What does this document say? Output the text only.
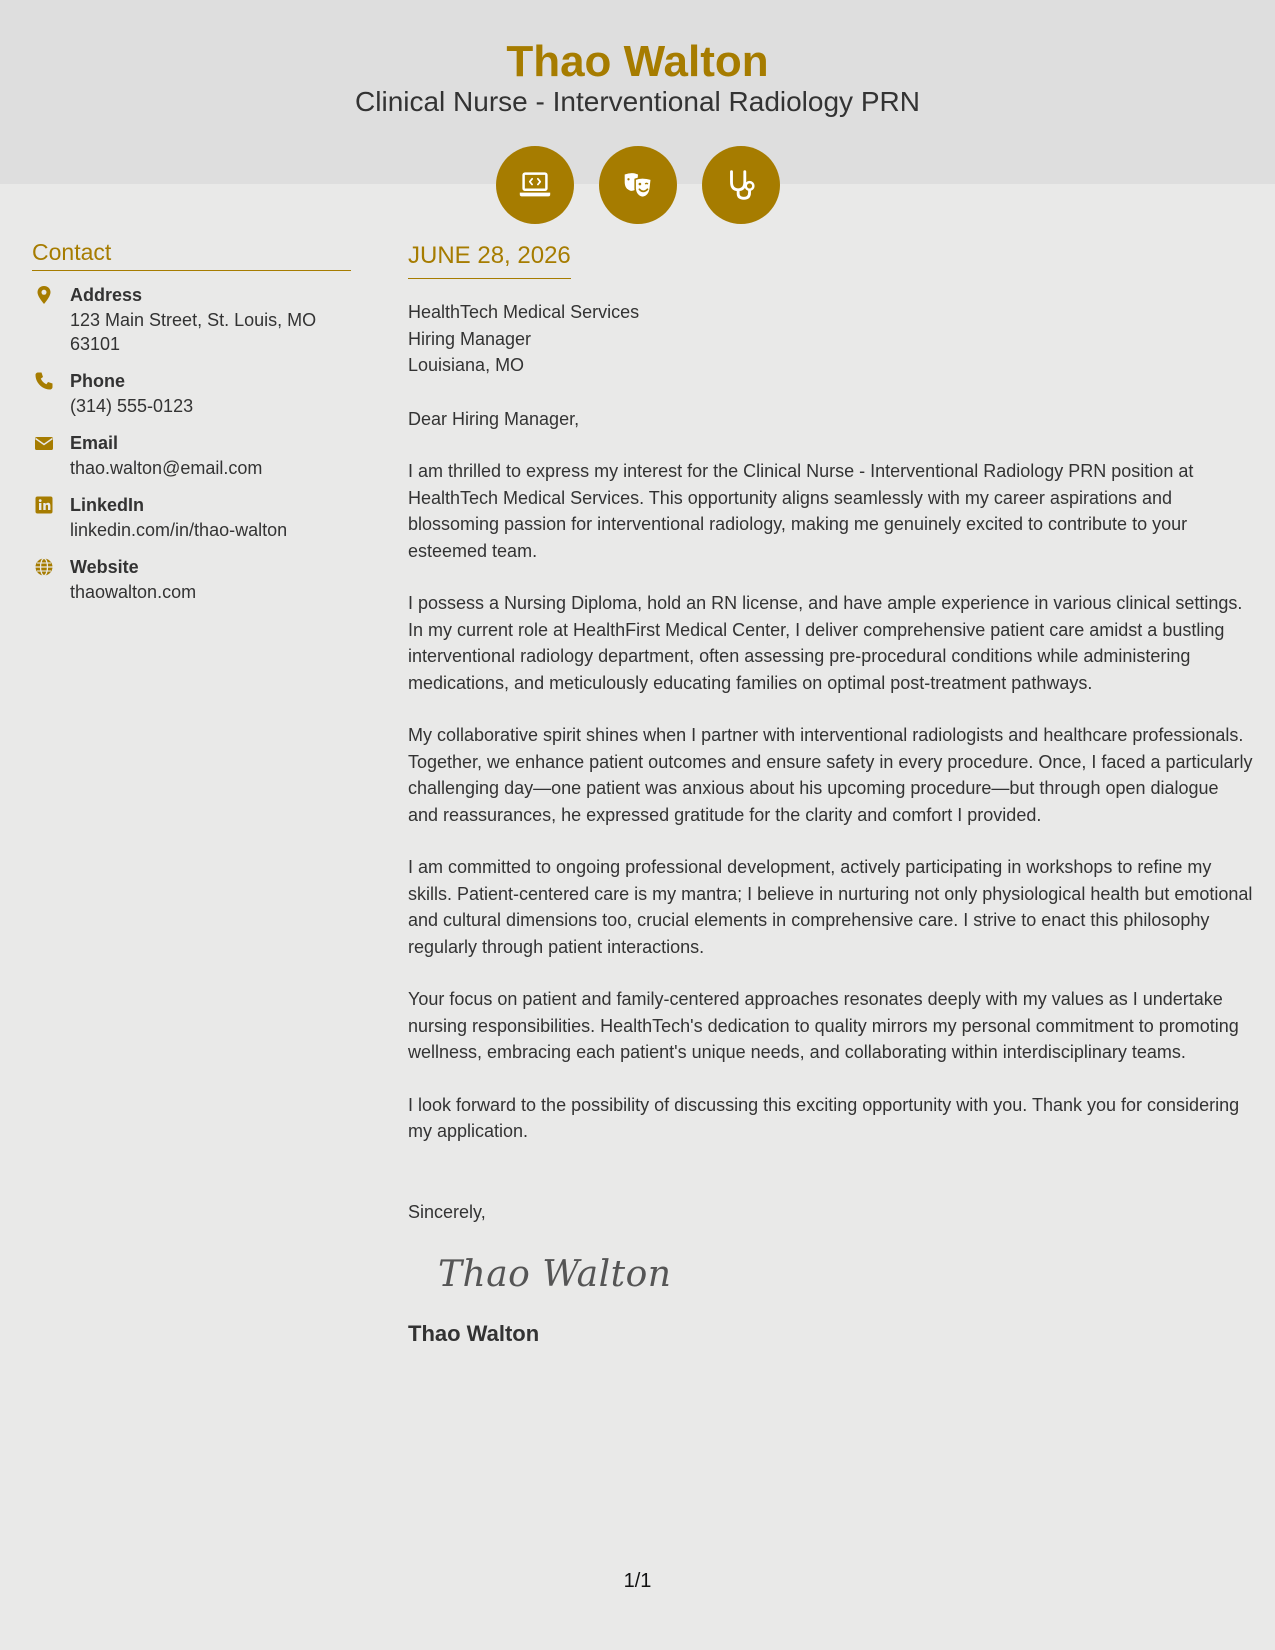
Thao Walton
Clinical Nurse - Interventional Radiology PRN
Contact
Address
123 Main Street, St. Louis, MO 63101
Phone
(314) 555-0123
Email
thao.walton@email.com
LinkedIn
linkedin.com/in/thao-walton
Website
thaowalton.com
JUNE 28, 2026
HealthTech Medical Services
Hiring Manager
Louisiana, MO
Dear Hiring Manager,
I am thrilled to express my interest for the Clinical Nurse - Interventional Radiology PRN position at HealthTech Medical Services. This opportunity aligns seamlessly with my career aspirations and blossoming passion for interventional radiology, making me genuinely excited to contribute to your esteemed team.
I possess a Nursing Diploma, hold an RN license, and have ample experience in various clinical settings. In my current role at HealthFirst Medical Center, I deliver comprehensive patient care amidst a bustling interventional radiology department, often assessing pre-procedural conditions while administering medications, and meticulously educating families on optimal post-treatment pathways.
My collaborative spirit shines when I partner with interventional radiologists and healthcare professionals. Together, we enhance patient outcomes and ensure safety in every procedure. Once, I faced a particularly challenging day—one patient was anxious about his upcoming procedure—but through open dialogue and reassurances, he expressed gratitude for the clarity and comfort I provided.
I am committed to ongoing professional development, actively participating in workshops to refine my skills. Patient-centered care is my mantra; I believe in nurturing not only physiological health but emotional and cultural dimensions too, crucial elements in comprehensive care. I strive to enact this philosophy regularly through patient interactions.
Your focus on patient and family-centered approaches resonates deeply with my values as I undertake nursing responsibilities. HealthTech's dedication to quality mirrors my personal commitment to promoting wellness, embracing each patient's unique needs, and collaborating within interdisciplinary teams.
I look forward to the possibility of discussing this exciting opportunity with you. Thank you for considering my application.
Sincerely,
Thao Walton
Thao Walton
1/1
